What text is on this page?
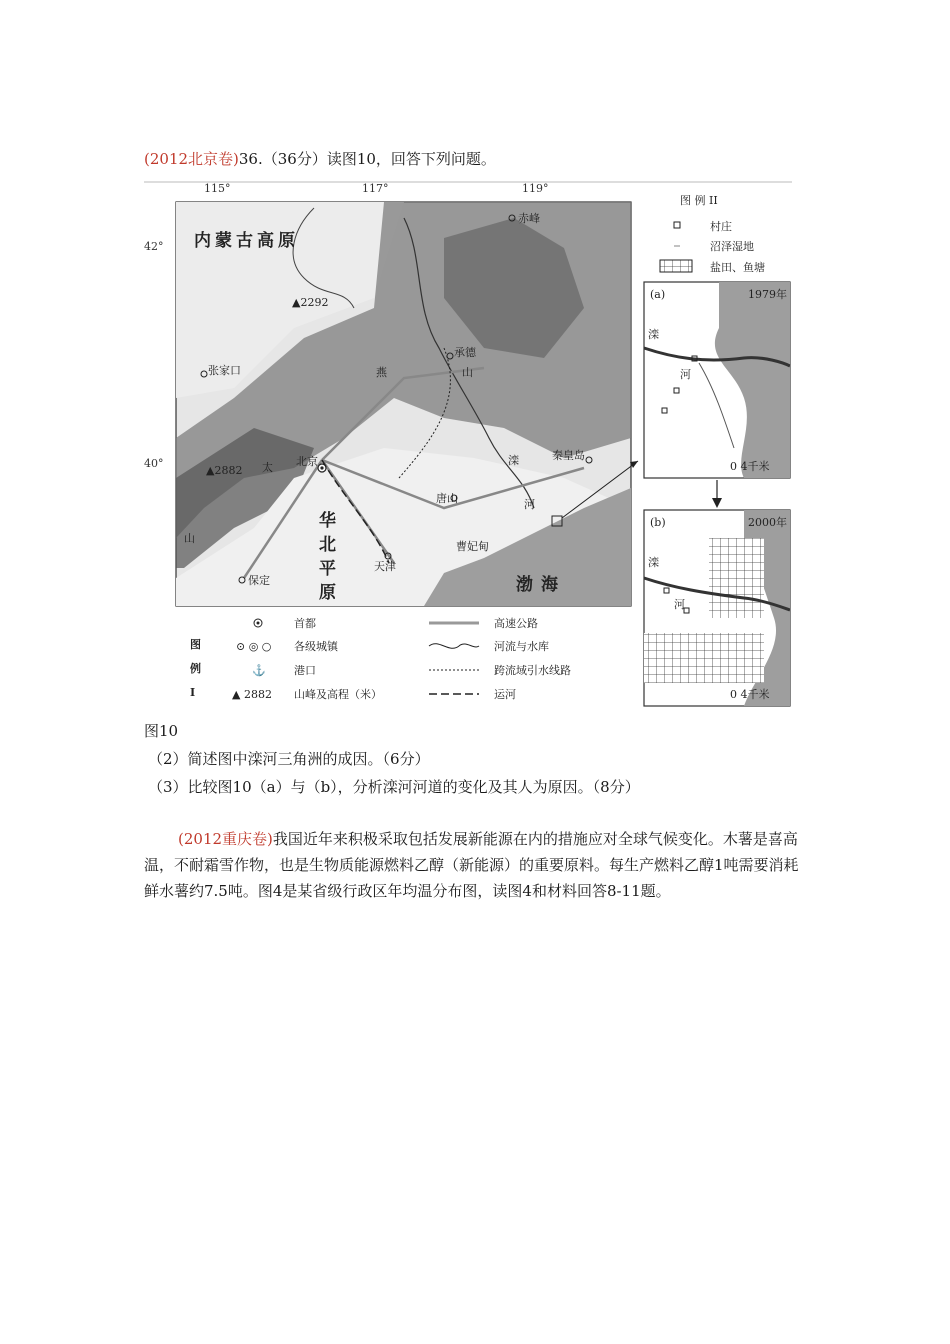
(2012北京卷)36.（36分）读图10，回答下列问题。
115°	117°	119°
42°
40°
内蒙古高原
渤海
华
北
平
原
燕	山
太
山
滦
河
赤峰
张家口
承德
北京
天津
唐山
秦皇岛
保定
曹妃甸
▲2292
▲2882
图
例
I
首都
⊙ ◎ ○ 各级城镇
⚓	港口
▲ 2882 山峰及高程（米）
高速公路
河流与水库
跨流域引水线路
运河
图 例 II
村庄
沼泽湿地
盐田、鱼塘
(a)	1979年
滦
河
0 4千米
(b)	2000年
滦
河
0 4千米
图10
（2）简述图中滦河三角洲的成因。（6分）
（3）比较图10（a）与（b），分析滦河河道的变化及其人为原因。（8分）
(2012重庆卷)我国近年来积极采取包括发展新能源在内的措施应对全球气候变化。木薯是喜高温，不耐霜雪作物，也是生物质能源燃料乙醇（新能源）的重要原料。每生产燃料乙醇1吨需要消耗鲜水薯约7.5吨。图4是某省级行政区年均温分布图，读图4和材料回答8-11题。
